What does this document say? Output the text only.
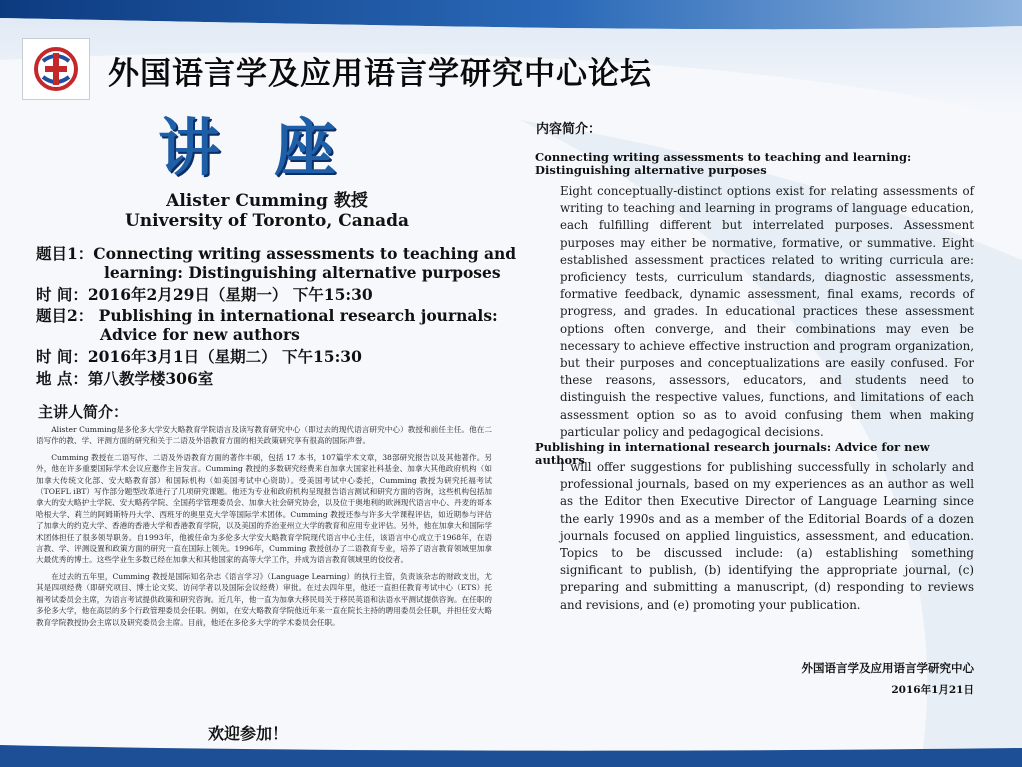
外国语言学及应用语言学研究中心论坛
讲座
Alister Cumming 教授
University of Toronto, Canada
题目1：Connecting writing assessments to teaching and
learning: Distinguishing alternative purposes
时 间：2016年2月29日（星期一） 下午15:30
题目2： Publishing in international research journals:
Advice for new authors
时 间：2016年3月1日（星期二） 下午15:30
地 点：第八教学楼306室
主讲人简介：

Alister Cumming是多伦多大学安大略教育学院语言及读写教育研究中心（即过去的现代语言研究中心）教授和前任主任。他在二语写作的教、学、评测方面的研究和关于二语及外语教育方面的相关政策研究享有很高的国际声誉。

Cumming 教授在二语写作、二语及外语教育方面的著作丰硕，包括 17 本书，107篇学术文章，38部研究报告以及其他著作。另外，他在许多重要国际学术会议应邀作主旨发言。Cumming 教授的多数研究经费来自加拿大国家社科基金、加拿大其他政府机构（如加拿大传统文化部、安大略教育部）和国际机构（如美国考试中心资助）。受美国考试中心委托，Cumming 教授为研究托福考试（TOEFL iBT）写作部分题型改革进行了几项研究课题。他还为专业和政府机构呈现报告语言测试和研究方面的咨询，这些机构包括加拿大的安大略护士学院、安大略药学院、全国药学管理委员会、加拿大社会研究协会，以及位于奥地利的欧洲现代语言中心、丹麦的哥本哈根大学、莉兰的阿姆斯特丹大学、西班牙的奥里克大学等国际学术团体。Cumming 教授还参与许多大学课程评估，如近期参与评估了加拿大的约克大学、香港的香港大学和香港教育学院，以及美国的乔治亚州立大学的教育和应用专业评估。另外，他在加拿大和国际学术团体担任了很多领导职务。自1993年，他被任命为多伦多大学安大略教育学院现代语言中心主任，该语言中心成立于1968年，在语言教、学、评测设置和政策方面的研究一直在国际上领先。1996年，Cumming 教授创办了二语教育专业，培养了语言教育领域里加拿大最优秀的博士。这些学业生多数已经在加拿大和其他国家的高等大学工作，并成为语言教育领域里的佼佼者。

在过去的五年里，Cumming 教授是国际知名杂志《语言学习》（Language Learning）的执行主管，负责该杂志的财政支出，尤其是四项经费（即研究项目、博士论文奖、访问学者以及国际会议经费）审批。在过去四年里，他还一直担任教育考试中心（ETS）托福考试委员会主席，为语言考试提供政策和研究咨询。近几年，他一直为加拿大移民局关于移民英语和法语水平测试提供咨询。在任职的多伦多大学，他在高层的多个行政管理委员会任职。例如，在安大略教育学院他近年来一直在院长主持的聘用委员会任职，并担任安大略教育学院教授协会主席以及研究委员会主席。目前，他还在多伦多大学的学术委员会任职。

欢迎参加！
内容简介：
Connecting writing assessments to teaching and learning: Distinguishing alternative purposes
Eight conceptually-distinct options exist for relating assessments of writing to teaching and learning in programs of language education, each fulfilling different but interrelated purposes. Assessment purposes may either be normative, formative, or summative. Eight established assessment practices related to writing curricula are: proficiency tests, curriculum standards, diagnostic assessments, formative feedback, dynamic assessment, final exams, records of progress, and grades. In educational practices these assessment options often converge, and their combinations may even be necessary to achieve effective instruction and program organization, but their purposes and conceptualizations are easily confused. For these reasons, assessors, educators, and students need to distinguish the respective values, functions, and limitations of each assessment option so as to avoid confusing them when making particular policy and pedagogical decisions.
Publishing in international research journals: Advice for new authors
I will offer suggestions for publishing successfully in scholarly and professional journals, based on my experiences as an author as well as the Editor then Executive Director of Language Learning since the early 1990s and as a member of the Editorial Boards of a dozen journals focused on applied linguistics, assessment, and education. Topics to be discussed include: (a) establishing something significant to publish, (b) identifying the appropriate journal, (c) preparing and submitting a manuscript, (d) responding to reviews and revisions, and (e) promoting your publication.
外国语言学及应用语言学研究中心
2016年1月21日
